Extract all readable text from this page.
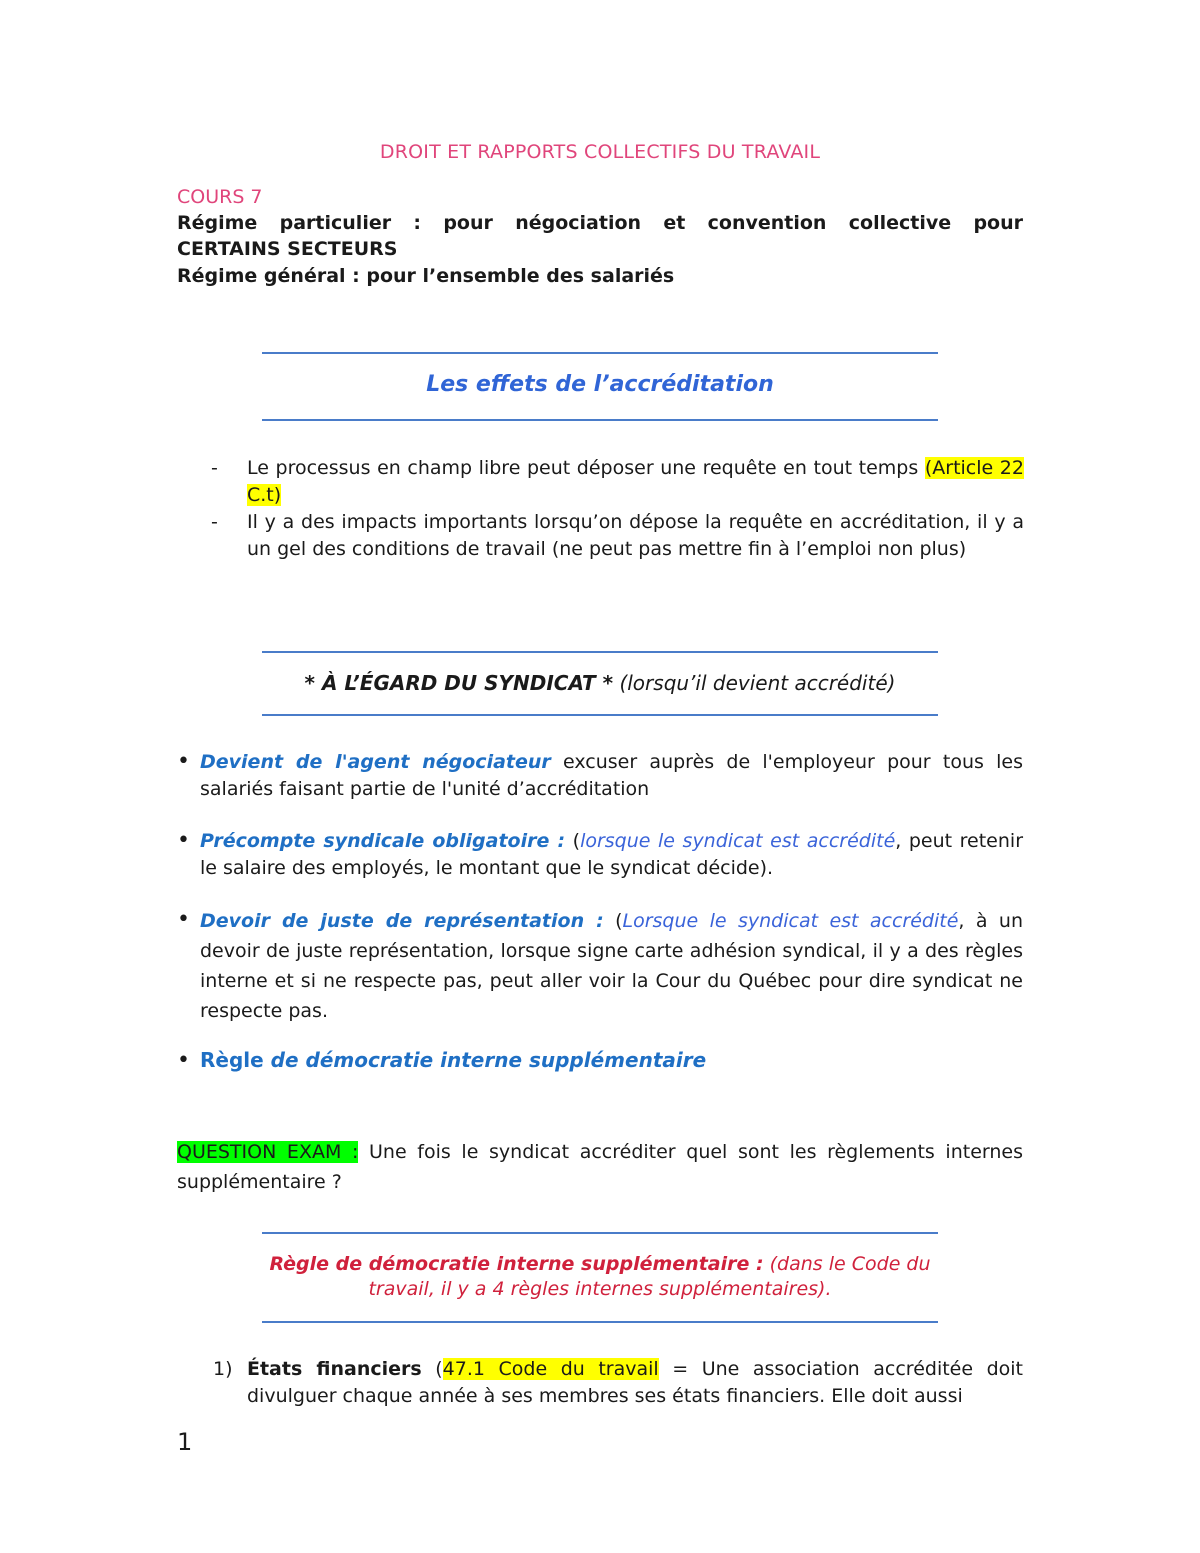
DROIT ET RAPPORTS COLLECTIFS DU TRAVAIL
COURS 7
Régime particulier : pour négociation et convention collective pour
CERTAINS SECTEURS
Régime général : pour l’ensemble des salariés
Les effets de l’accréditation
- Le processus en champ libre peut déposer une requête en tout temps (Article 22 C.t)
- Il y a des impacts importants lorsqu’on dépose la requête en accréditation, il y a un gel des conditions de travail (ne peut pas mettre fin à l’emploi non plus)
* À L’ÉGARD DU SYNDICAT * (lorsqu’il devient accrédité)
• Devient de l'agent négociateur excuser auprès de l'employeur pour tous les salariés faisant partie de l'unité d’accréditation
• Précompte syndicale obligatoire : (lorsque le syndicat est accrédité, peut retenir le salaire des employés, le montant que le syndicat décide).
• Devoir de juste de représentation : (Lorsque le syndicat est accrédité, à un devoir de juste représentation, lorsque signe carte adhésion syndical, il y a des règles interne et si ne respecte pas, peut aller voir la Cour du Québec pour dire syndicat ne respecte pas.
• Règle de démocratie interne supplémentaire
QUESTION EXAM : Une fois le syndicat accréditer quel sont les règlements internes supplémentaire ?
Règle de démocratie interne supplémentaire : (dans le Code du travail, il y a 4 règles internes supplémentaires).
1) États financiers (47.1 Code du travail = Une association accréditée doit divulguer chaque année à ses membres ses états financiers. Elle doit aussi
1
